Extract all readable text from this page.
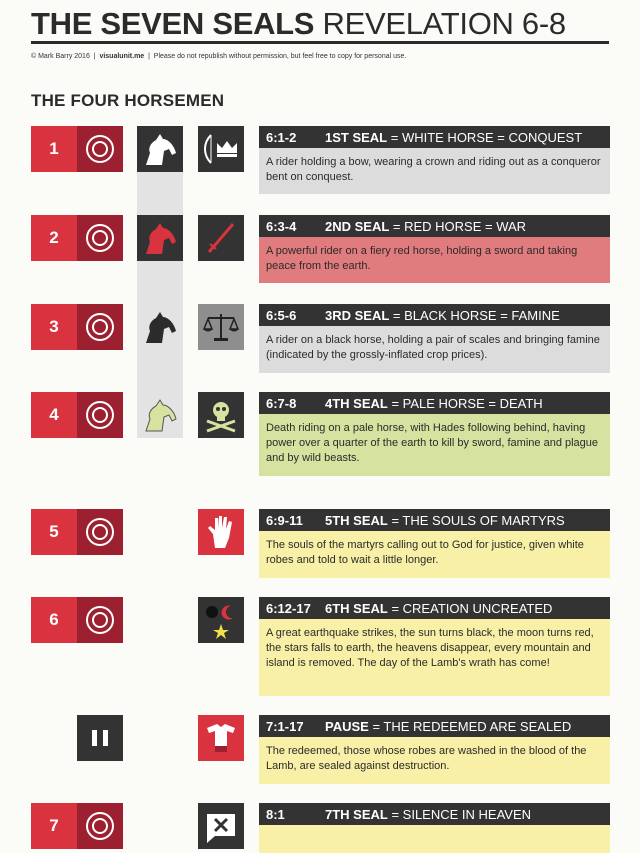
THE SEVEN SEALS REVELATION 6-8
© Mark Barry 2016 | visualunit.me | Please do not republish without permission, but feel free to copy for personal use.
THE FOUR HORSEMEN
1
6:1-2	1ST SEAL = WHITE HORSE = CONQUEST
A rider holding a bow, wearing a crown and riding out as a conqueror bent on conquest.
2
6:3-4	2ND SEAL = RED HORSE = WAR
A powerful rider on a fiery red horse, holding a sword and taking peace from the earth.
3
6:5-6	3RD SEAL = BLACK HORSE = FAMINE
A rider on a black horse, holding a pair of scales and bringing famine (indicated by the grossly-inflated crop prices).
4
6:7-8	4TH SEAL = PALE HORSE = DEATH
Death riding on a pale horse, with Hades following behind, having power over a quarter of the earth to kill by sword, famine and plague and by wild beasts.
5
6:9-11	5TH SEAL = THE SOULS OF MARTYRS
The souls of the martyrs calling out to God for justice, given white robes and told to wait a little longer.
6
6:12-17	6TH SEAL = CREATION UNCREATED
A great earthquake strikes, the sun turns black, the moon turns red, the stars falls to earth, the heavens disappear, every mountain and island is removed. The day of the Lamb's wrath has come!
7:1-17	PAUSE = THE REDEEMED ARE SEALED
The redeemed, those whose robes are washed in the blood of the Lamb, are sealed against destruction.
7
8:1	7TH SEAL = SILENCE IN HEAVEN
